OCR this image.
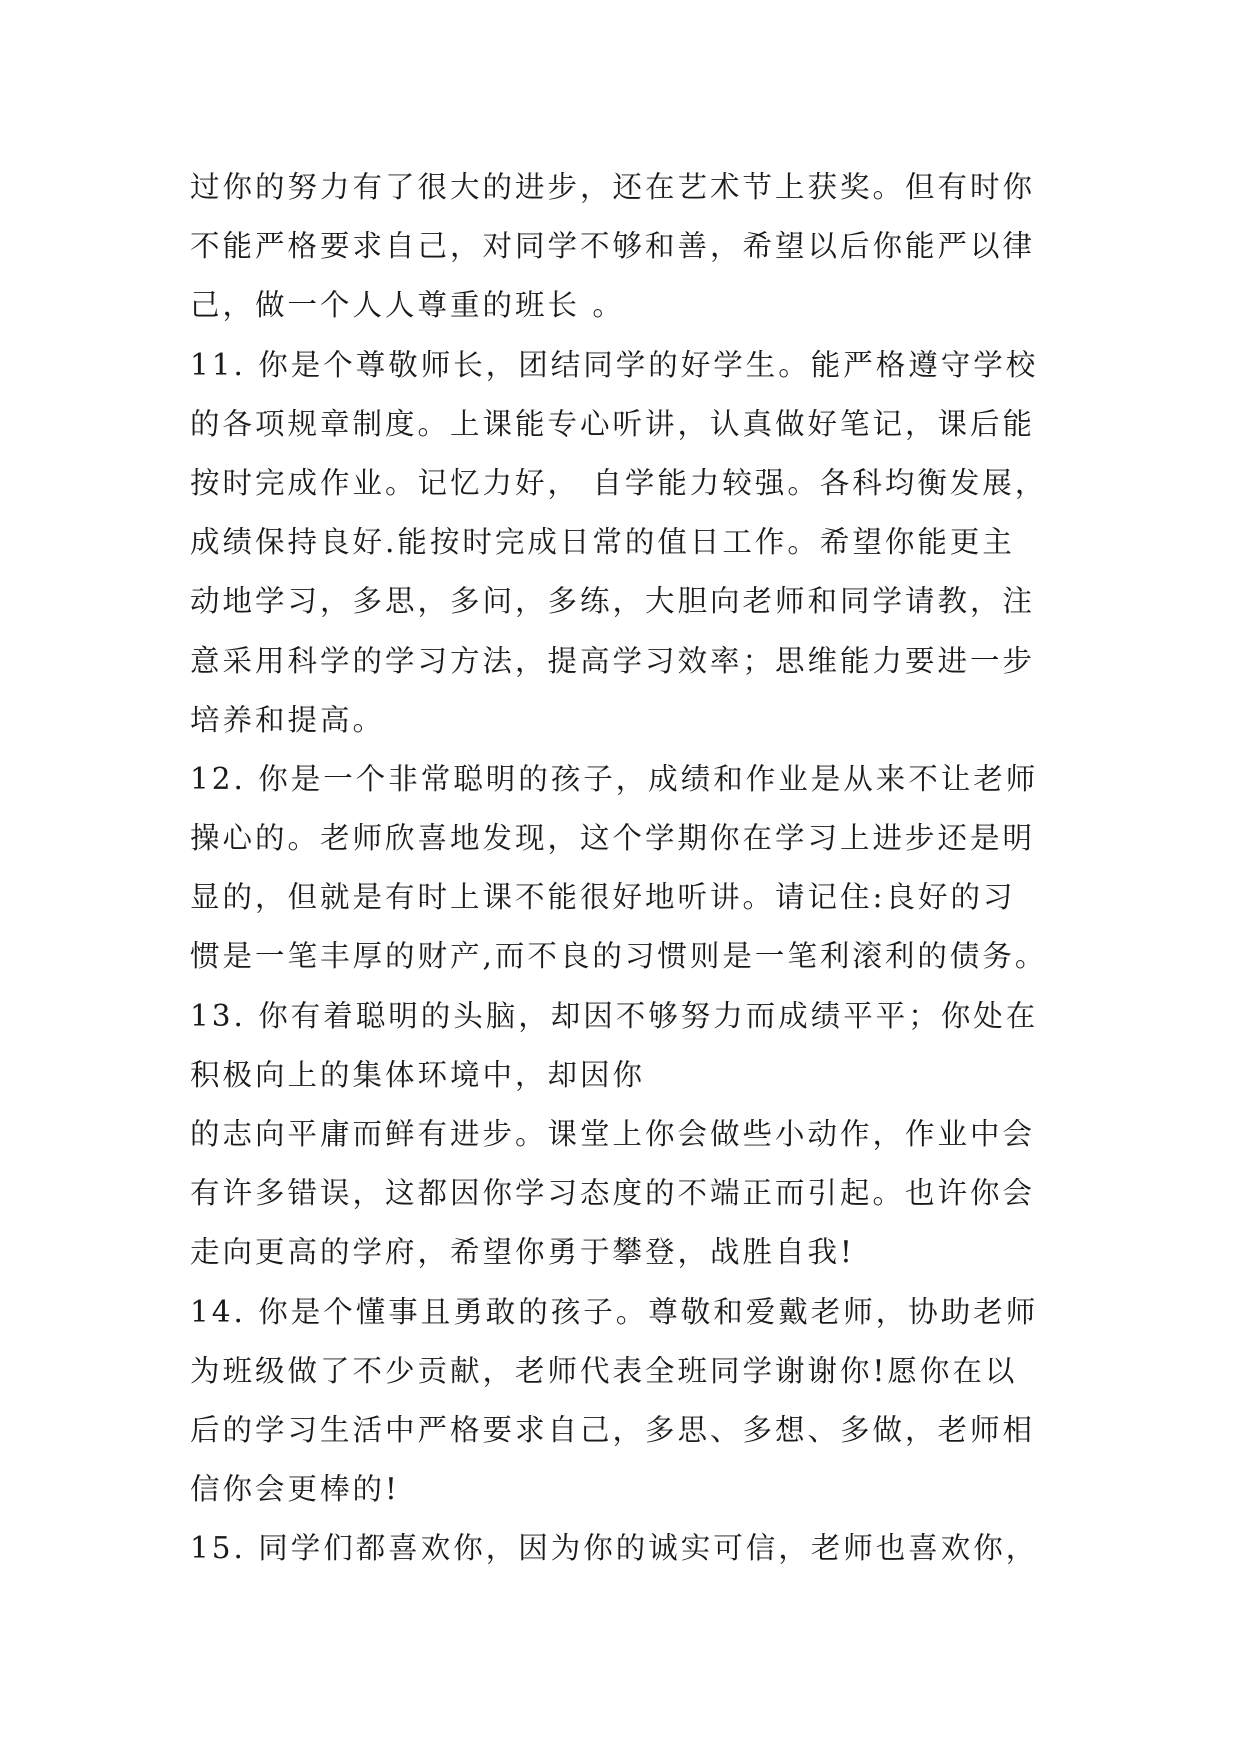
过你的努力有了很大的进步，还在艺术节上获奖。但有时你
不能严格要求自己，对同学不够和善，希望以后你能严以律
己，做一个人人尊重的班长 。
11. 你是个尊敬师长，团结同学的好学生。能严格遵守学校
的各项规章制度。上课能专心听讲，认真做好笔记，课后能
按时完成作业。记忆力好， 自学能力较强。各科均衡发展，
成绩保持良好.能按时完成日常的值日工作。希望你能更主
动地学习，多思，多问，多练，大胆向老师和同学请教，注
意采用科学的学习方法，提高学习效率；思维能力要进一步
培养和提高。
12. 你是一个非常聪明的孩子，成绩和作业是从来不让老师
操心的。老师欣喜地发现，这个学期你在学习上进步还是明
显的，但就是有时上课不能很好地听讲。请记住:良好的习
惯是一笔丰厚的财产,而不良的习惯则是一笔利滚利的债务。
13. 你有着聪明的头脑，却因不够努力而成绩平平；你处在
积极向上的集体环境中，却因你
的志向平庸而鲜有进步。课堂上你会做些小动作，作业中会
有许多错误，这都因你学习态度的不端正而引起。也许你会
走向更高的学府，希望你勇于攀登，战胜自我!
14. 你是个懂事且勇敢的孩子。尊敬和爱戴老师，协助老师
为班级做了不少贡献，老师代表全班同学谢谢你!愿你在以
后的学习生活中严格要求自己，多思、多想、多做，老师相
信你会更棒的!
15. 同学们都喜欢你，因为你的诚实可信，老师也喜欢你，
